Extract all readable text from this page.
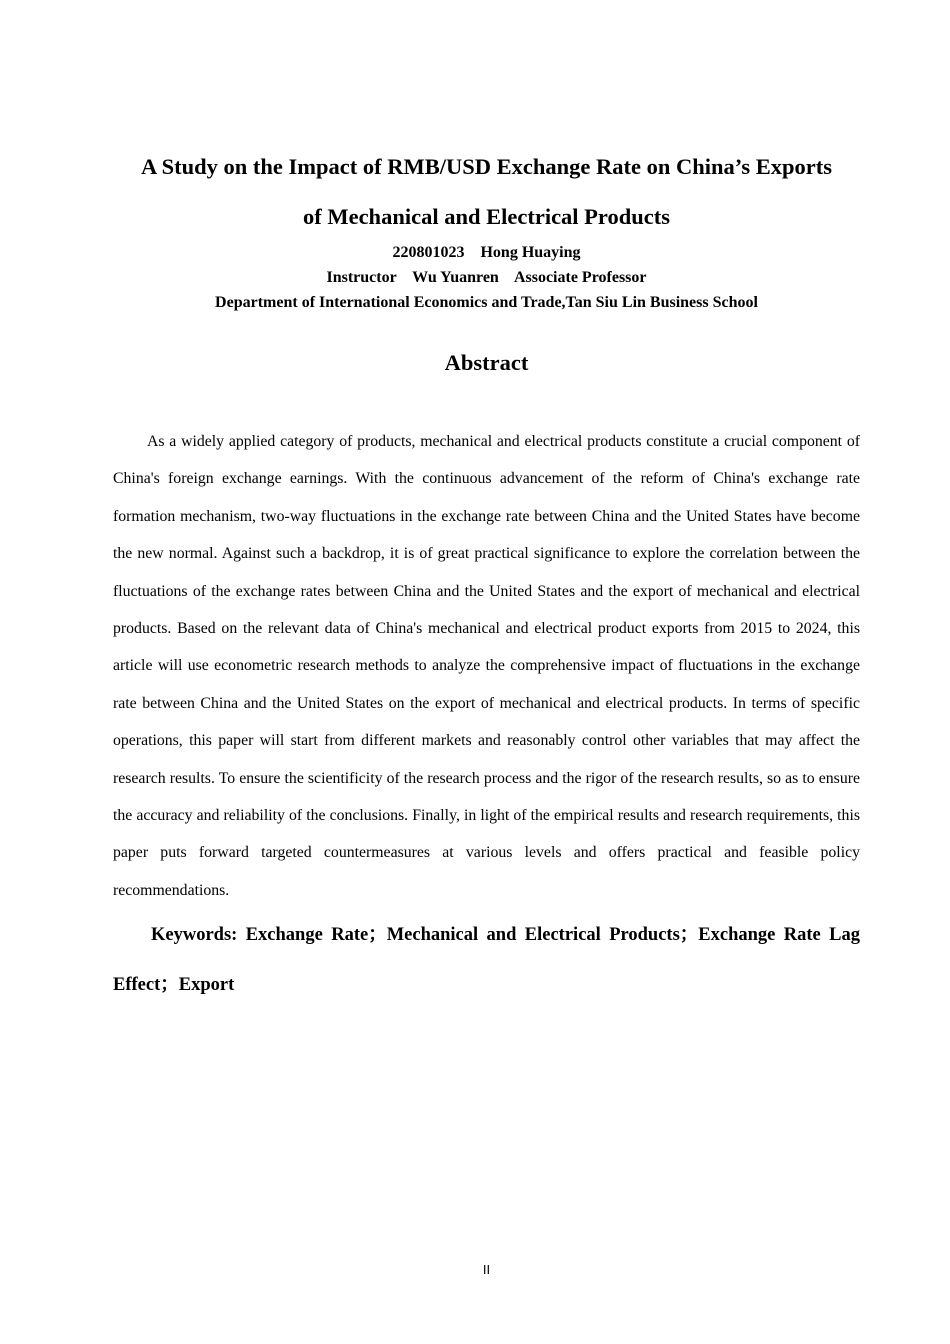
A Study on the Impact of RMB/USD Exchange Rate on China’s Exports
of Mechanical and Electrical Products

220801023    Hong Huaying

Instructor    Wu Yuanren    Associate Professor

Department of International Economics and Trade,Tan Siu Lin Business School

Abstract

As a widely applied category of products, mechanical and electrical products constitute a crucial component of China's foreign exchange earnings. With the continuous advancement of the reform of China's exchange rate formation mechanism, two-way fluctuations in the exchange rate between China and the United States have become the new normal. Against such a backdrop, it is of great practical significance to explore the correlation between the fluctuations of the exchange rates between China and the United States and the export of mechanical and electrical products. Based on the relevant data of China's mechanical and electrical product exports from 2015 to 2024, this article will use econometric research methods to analyze the comprehensive impact of fluctuations in the exchange rate between China and the United States on the export of mechanical and electrical products. In terms of specific operations, this paper will start from different markets and reasonably control other variables that may affect the research results. To ensure the scientificity of the research process and the rigor of the research results, so as to ensure the accuracy and reliability of the conclusions. Finally, in light of the empirical results and research requirements, this paper puts forward targeted countermeasures at various levels and offers practical and feasible policy recommendations.

Keywords: Exchange Rate；Mechanical and Electrical Products；Exchange Rate Lag Effect；Export

II
